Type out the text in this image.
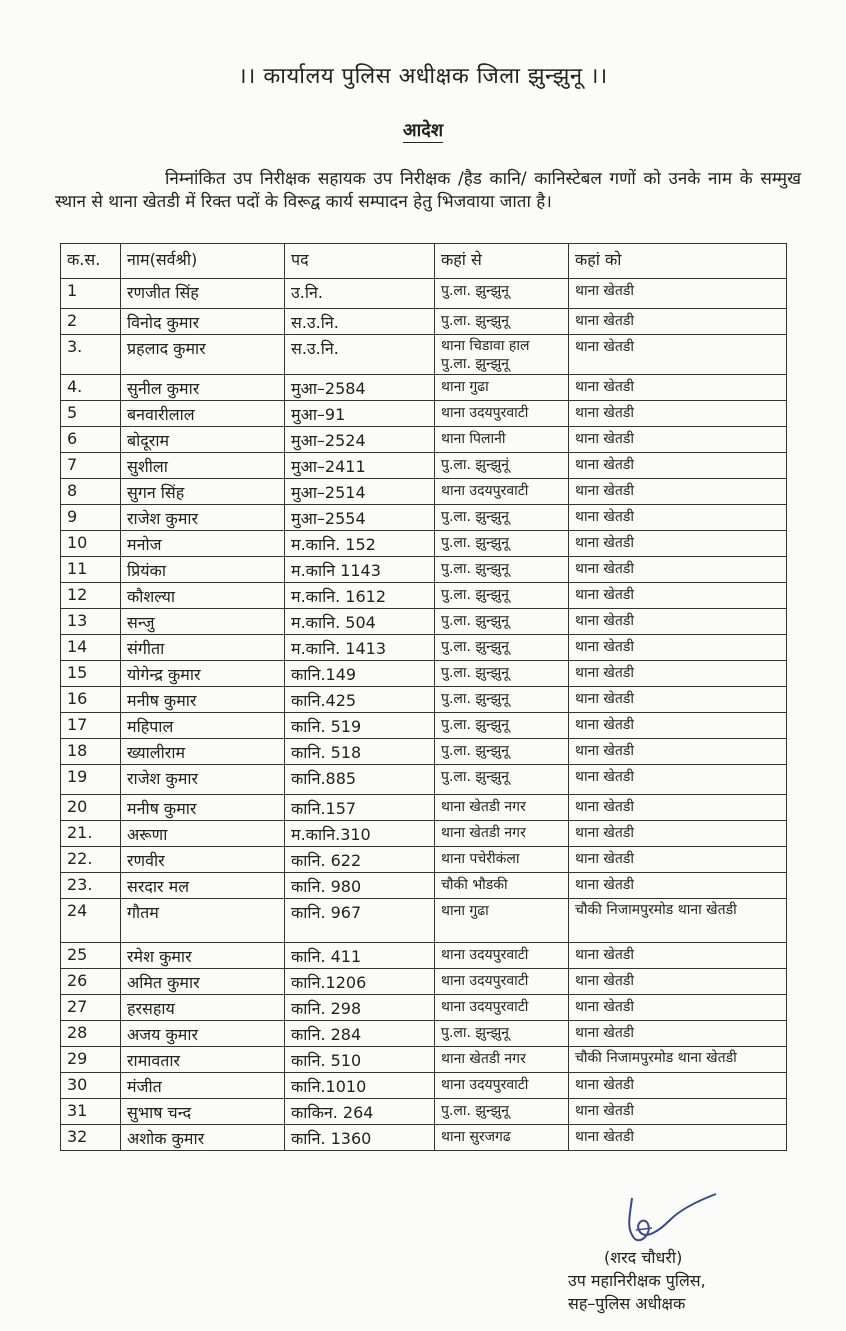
।। कार्यालय पुलिस अधीक्षक जिला झुन्झुनू ।।
आदेश
निम्नांकित उप निरीक्षक सहायक उप निरीक्षक /हैड कानि/ कानिस्टेबल गणों को उनके नाम के सम्मुख स्थान से थाना खेतडी में रिक्त पदों के विरूद्व कार्य सम्पादन हेतु भिजवाया जाता है।
क.स.	नाम(सर्वश्री)	पद	कहां से	कहां को
1	रणजीत सिंह	उ.नि.	पु.ला. झुन्झुनू	थाना खेतडी
2	विनोद कुमार	स.उ.नि.	पु.ला. झुन्झुनू	थाना खेतडी
3.	प्रहलाद कुमार	स.उ.नि.	थाना चिडावा हाल पु.ला. झुन्झुनू	थाना खेतडी
4.	सुनील कुमार	मुआ–2584	थाना गुढा	थाना खेतडी
5	बनवारीलाल	मुआ–91	थाना उदयपुरवाटी	थाना खेतडी
6	बोदूराम	मुआ–2524	थाना पिलानी	थाना खेतडी
7	सुशीला	मुआ–2411	पु.ला. झुन्झुनूं	थाना खेतडी
8	सुगन सिंह	मुआ–2514	थाना उदयपुरवाटी	थाना खेतडी
9	राजेश कुमार	मुआ–2554	पु.ला. झुन्झुनू	थाना खेतडी
10	मनोज	म.कानि. 152	पु.ला. झुन्झुनू	थाना खेतडी
11	प्रियंका	म.कानि 1143	पु.ला. झुन्झुनू	थाना खेतडी
12	कौशल्या	म.कानि. 1612	पु.ला. झुन्झुनू	थाना खेतडी
13	सन्जु	म.कानि. 504	पु.ला. झुन्झुनू	थाना खेतडी
14	संगीता	म.कानि. 1413	पु.ला. झुन्झुनू	थाना खेतडी
15	योगेन्द्र कुमार	कानि.149	पु.ला. झुन्झुनू	थाना खेतडी
16	मनीष कुमार	कानि.425	पु.ला. झुन्झुनू	थाना खेतडी
17	महिपाल	कानि. 519	पु.ला. झुन्झुनू	थाना खेतडी
18	ख्यालीराम	कानि. 518	पु.ला. झुन्झुनू	थाना खेतडी
19	राजेश कुमार	कानि.885	पु.ला. झुन्झुनू	थाना खेतडी
20	मनीष कुमार	कानि.157	थाना खेतडी नगर	थाना खेतडी
21.	अरूणा	म.कानि.310	थाना खेतडी नगर	थाना खेतडी
22.	रणवीर	कानि. 622	थाना पचेरीकंला	थाना खेतडी
23.	सरदार मल	कानि. 980	चौकी भौडकी	थाना खेतडी
24	गौतम	कानि. 967	थाना गुढा	चौकी निजामपुरमोड थाना खेतडी
25	रमेश कुमार	कानि. 411	थाना उदयपुरवाटी	थाना खेतडी
26	अमित कुमार	कानि.1206	थाना उदयपुरवाटी	थाना खेतडी
27	हरसहाय	कानि. 298	थाना उदयपुरवाटी	थाना खेतडी
28	अजय कुमार	कानि. 284	पु.ला. झुन्झुनू	थाना खेतडी
29	रामावतार	कानि. 510	थाना खेतडी नगर	चौकी निजामपुरमोड थाना खेतडी
30	मंजीत	कानि.1010	थाना उदयपुरवाटी	थाना खेतडी
31	सुभाष चन्द	काकिन. 264	पु.ला. झुन्झुनू	थाना खेतडी
32	अशोक कुमार	कानि. 1360	थाना सुरजगढ	थाना खेतडी
(शरद चौधरी)
उप महानिरीक्षक पुलिस,
सह–पुलिस अधीक्षक
